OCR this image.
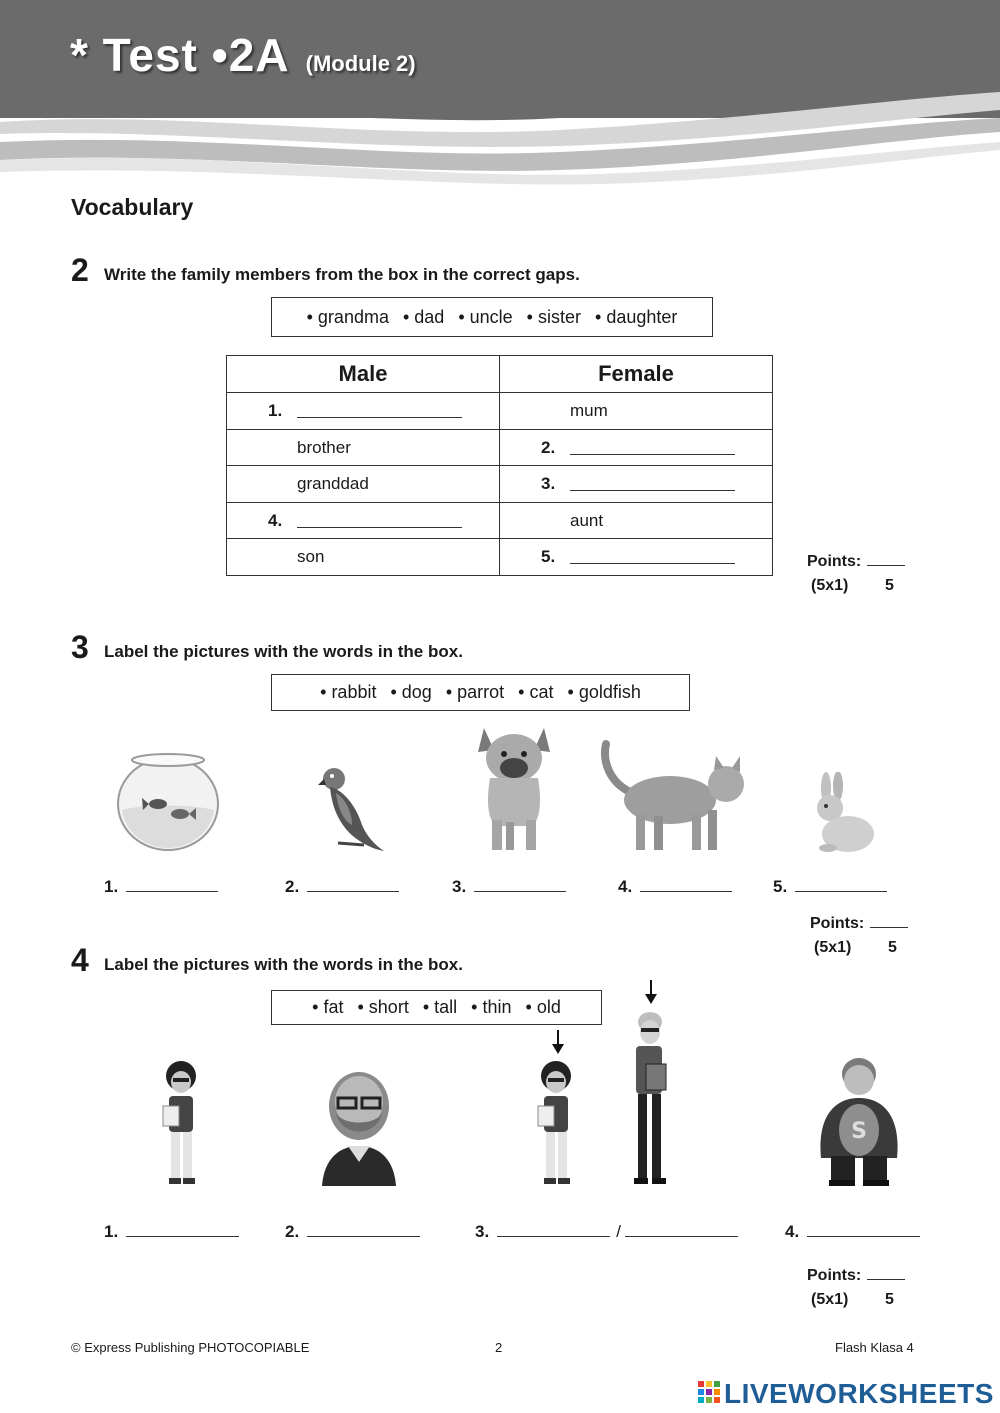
* Test •2A (Module 2)
Vocabulary
2 Write the family members from the box in the correct gaps.
• grandma	• dad	• uncle	• sister	• daughter
Male	Female

1.	mum

brother	2.

granddad	3.

4.	aunt

son	5.	Points:
(5x1) 5
3 Label the pictures with the words in the box.
• rabbit	• dog	• parrot	• cat	• goldfish
1.	2.	3.	4.	5.
Points:
(5x1) 5
4 Label the pictures with the words in the box.
• fat	• short	• tall	• thin	• old
S
1.	2.	3.	/	4.
Points:
(5x1) 5
© Express Publishing PHOTOCOPIABLE	2	Flash Klasa 4
LIVEWORKSHEETS
